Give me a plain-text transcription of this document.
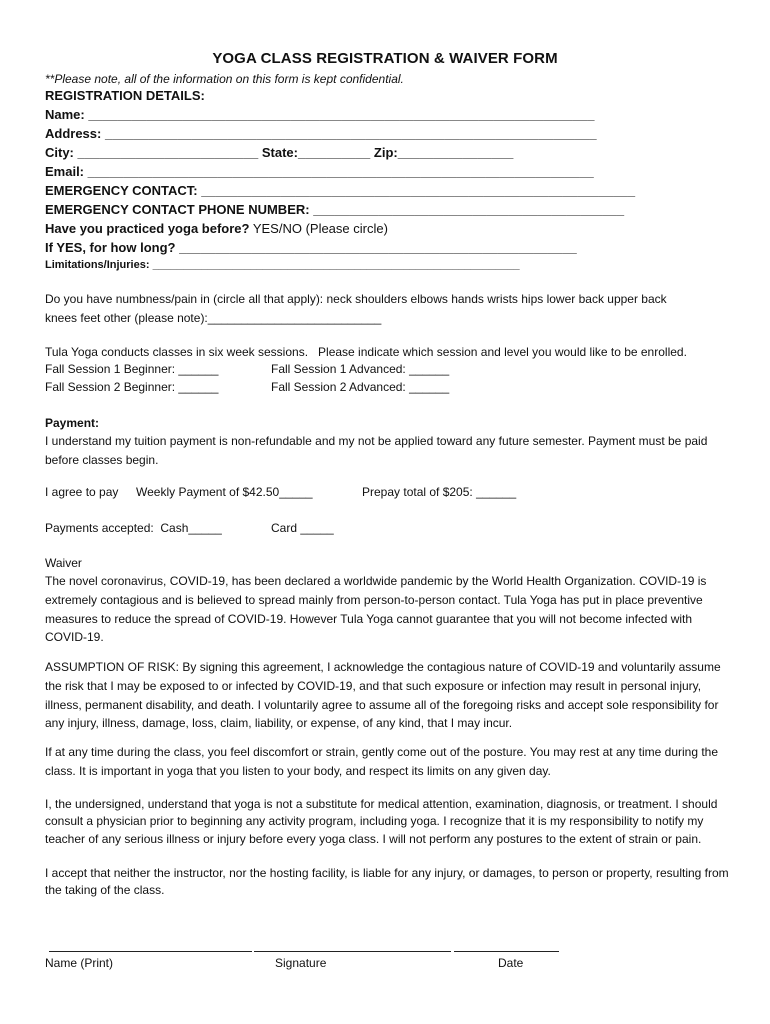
YOGA CLASS REGISTRATION & WAIVER FORM
**Please note, all of the information on this form is kept confidential.
REGISTRATION DETAILS:
Name: ______________________________________________________________________
Address: ____________________________________________________________________
City: _________________________ State:__________ Zip:________________
Email: ______________________________________________________________________
EMERGENCY CONTACT: ____________________________________________________________
EMERGENCY CONTACT PHONE NUMBER: ___________________________________________
Have you practiced yoga before? YES/NO (Please circle)
If YES, for how long? _______________________________________________________
Limitations/Injuries: ____________________________________________________________
Do you have numbness/pain in (circle all that apply): neck shoulders elbows hands wrists hips lower back upper back
knees feet other (please note):__________________________
Tula Yoga conducts classes in six week sessions.   Please indicate which session and level you would like to be enrolled.
Fall Session 1 Beginner: ______	Fall Session 1 Advanced: ______
Fall Session 2 Beginner: ______	Fall Session 2 Advanced: ______
Payment:
I understand my tuition payment is non-refundable and my not be applied toward any future semester. Payment must be paid before classes begin.
I agree to pay Weekly Payment of $42.50_____	Prepay total of $205: ______
Payments accepted:  Cash_____	Card _____
Waiver
The novel coronavirus, COVID-19, has been declared a worldwide pandemic by the World Health Organization. COVID-19 is extremely contagious and is believed to spread mainly from person-to-person contact. Tula Yoga has put in place preventive measures to reduce the spread of COVID-19. However Tula Yoga cannot guarantee that you will not become infected with COVID-19.
ASSUMPTION OF RISK: By signing this agreement, I acknowledge the contagious nature of COVID-19 and voluntarily assume the risk that I may be exposed to or infected by COVID-19, and that such exposure or infection may result in personal injury, illness, permanent disability, and death. I voluntarily agree to assume all of the foregoing risks and accept sole responsibility for any injury, illness, damage, loss, claim, liability, or expense, of any kind, that I may incur.
If at any time during the class, you feel discomfort or strain, gently come out of the posture. You may rest at any time during the class. It is important in yoga that you listen to your body, and respect its limits on any given day.
I, the undersigned, understand that yoga is not a substitute for medical attention, examination, diagnosis, or treatment. I should consult a physician prior to beginning any activity program, including yoga. I recognize that it is my responsibility to notify my teacher of any serious illness or injury before every yoga class. I will not perform any postures to the extent of strain or pain.
I accept that neither the instructor, nor the hosting facility, is liable for any injury, or damages, to person or property, resulting from the taking of the class.
Name (Print)	Signature	Date
